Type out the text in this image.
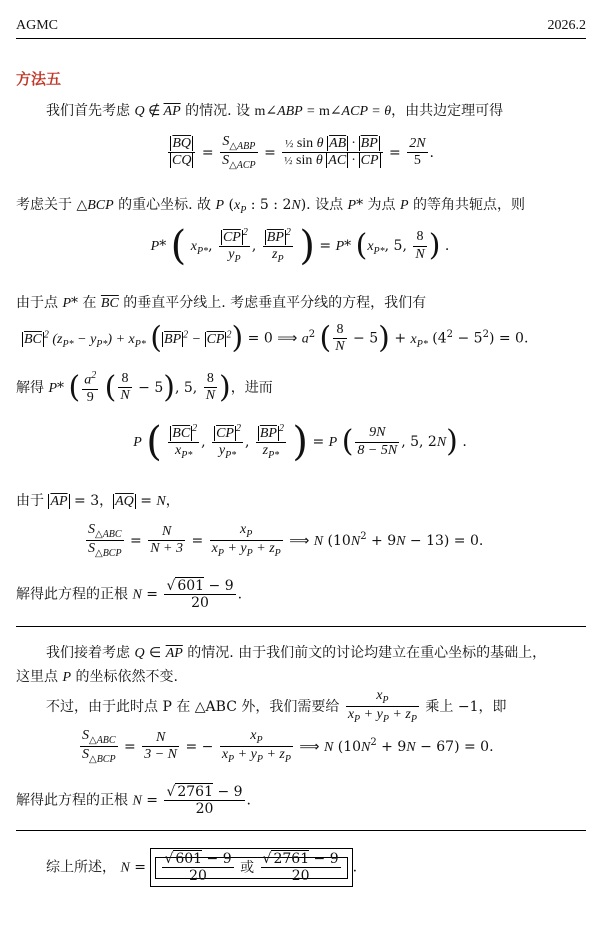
AGMC	2026.2
方法五
我们首先考虑 Q ∉ $\overline{AP}$ 的情况. 设 m∠ABP = m∠ACP = θ，由共边定理可得
$\frac{\overline{BQ}}{CQ} = \frac{S_{\triangle ABP}}{S_{\triangle ACP}} = \frac{\frac{1}{2} \sin \theta \overline{AB} \cdot \overline{BP}}{\frac{1}{2} \sin \theta \overline{AC} \cdot \overline{CP}} = \frac{2N}{5}$ .
考虑关于 △BCP 的重心坐标. 故 P ($x_P$ : 5 : 2N). 设点 P* 为点 P 的等角共轭点，则
P* ( $x_{P*}$, $\frac{\overline{CP} ^2}{y_P}$ , $\frac{\overline{BP} ^2}{z_P}$ ) = P* ($x_{P*}$, 5, $\frac{8}{N}$ ) .
由于点 P* 在 $\overline{BC}$ 的垂直平分线上. 考虑垂直平分线的方程，我们有
$\overline{BC}$ $^2$ $(z_{P*} - y_{P*}) + x_{P*}$ ( $\overline{BP}$ $^2 - \overline{CP}$ $^2$) = 0 ⟹ $a^2$ ( $\frac{8}{N} - 5) + x_{P*}$ $(4^2 - 5^2) = 0$.
解得 P* ( $\frac{a^2}{9}$ ( $\frac{8}{N} - 5$), 5, $\frac{8}{N}$ )，进而
P ( $\frac{\overline{BC} ^2}{x_{P*}}$ , $\frac{\overline{CP} ^2}{y_{P*}}$ , $\frac{\overline{BP} ^2}{z_{P*}}$ ) = P ( $\frac{9N}{8 - 5N}$ , 5, 2N) .
由于 $\overline{AP} = 3$， $\overline{AQ} = N$，
$\frac{S_{\triangle ABC}}{S_{\triangle BCP}} = \frac{N}{N + 3} = \frac{x_P}{x_P + y_P + z_P}$ ⟹ N $(10N^2 + 9N - 13) = 0$.
解得此方程的正根 $N = \frac{√ 601 - 9}{20}$ .
我们接着考虑 Q ∈ $\overline{AP}$ 的情况. 由于我们前文的讨论均建立在重心坐标的基础上，
这里点 P 的坐标依然不变.
不过，由于此时点 P 在 △ABC 外，我们需要给 $\frac{x_P}{x_P + y_P + z_P}$ 乘上 −1，即
$\frac{S_{\triangle ABC}}{S_{\triangle BCP}} = \frac{N}{3 - N}$ = − $\frac{x_P}{x_P + y_P + z_P}$ ⟹ N $(10N^2 + 9N - 67) = 0$.
解得此方程的正根 $N = \frac{√ 2761 - 9}{20}$ .
综上所述， $N = \frac{√ 601 - 9}{20}$ 或 $\frac{√ 2761 - 9}{20}$ .
